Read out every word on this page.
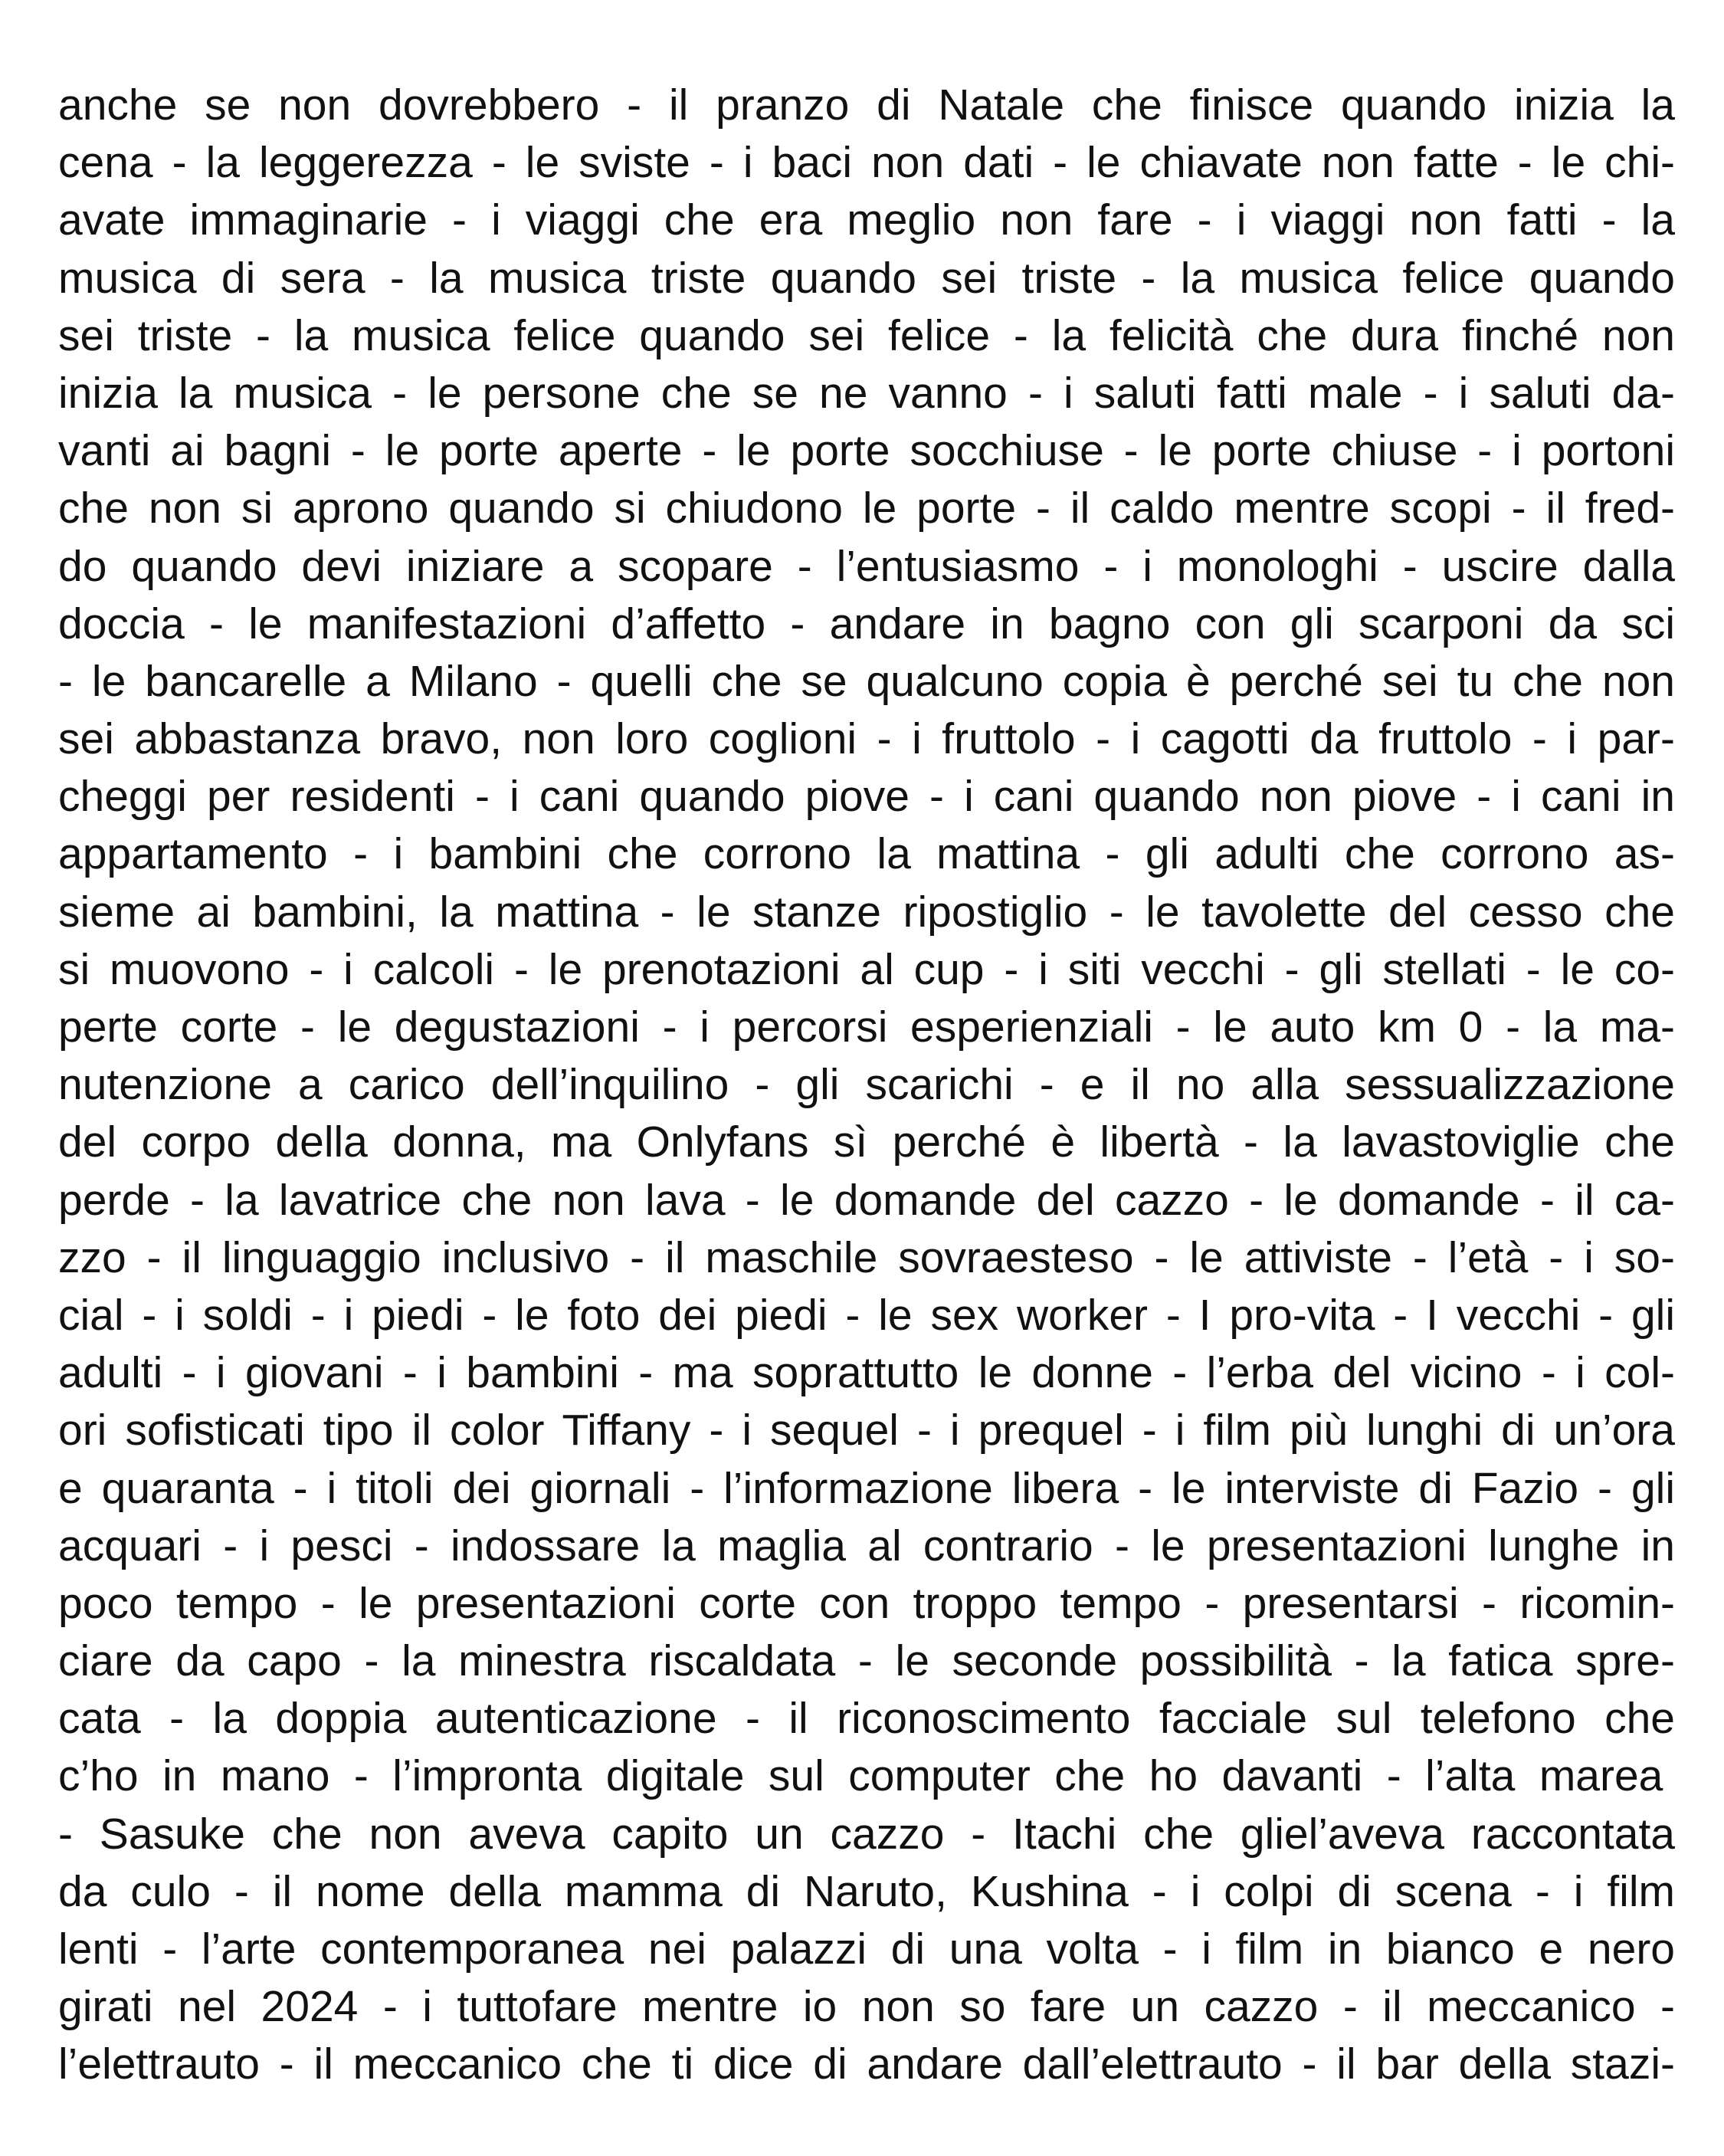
anche se non dovrebbero - il pranzo di Natale che finisce quando inizia la
cena - la leggerezza - le sviste - i baci non dati - le chiavate non fatte - le chi-
avate immaginarie - i viaggi che era meglio non fare - i viaggi non fatti - la
musica di sera - la musica triste quando sei triste - la musica felice quando
sei triste - la musica felice quando sei felice - la felicità che dura finché non
inizia la musica - le persone che se ne vanno - i saluti fatti male - i saluti da-
vanti ai bagni - le porte aperte - le porte socchiuse - le porte chiuse - i portoni
che non si aprono quando si chiudono le porte - il caldo mentre scopi - il fred-
do quando devi iniziare a scopare - l’entusiasmo - i monologhi - uscire dalla
doccia - le manifestazioni d’affetto - andare in bagno con gli scarponi da sci
- le bancarelle a Milano - quelli che se qualcuno copia è perché sei tu che non
sei abbastanza bravo, non loro coglioni - i fruttolo - i cagotti da fruttolo - i par-
cheggi per residenti - i cani quando piove - i cani quando non piove - i cani in
appartamento - i bambini che corrono la mattina - gli adulti che corrono as-
sieme ai bambini, la mattina - le stanze ripostiglio - le tavolette del cesso che
si muovono - i calcoli - le prenotazioni al cup - i siti vecchi - gli stellati - le co-
perte corte - le degustazioni - i percorsi esperienziali - le auto km 0 - la ma-
nutenzione a carico dell’inquilino - gli scarichi - e il no alla sessualizzazione
del corpo della donna, ma Onlyfans sì perché è libertà - la lavastoviglie che
perde - la lavatrice che non lava - le domande del cazzo - le domande - il ca-
zzo - il linguaggio inclusivo - il maschile sovraesteso - le attiviste - l’età - i so-
cial - i soldi - i piedi - le foto dei piedi - le sex worker - I pro-vita - I vecchi - gli
adulti - i giovani - i bambini - ma soprattutto le donne - l’erba del vicino - i col-
ori sofisticati tipo il color Tiffany - i sequel - i prequel - i film più lunghi di un’ora
e quaranta - i titoli dei giornali - l’informazione libera - le interviste di Fazio - gli
acquari - i pesci - indossare la maglia al contrario - le presentazioni lunghe in
poco tempo - le presentazioni corte con troppo tempo - presentarsi - ricomin-
ciare da capo - la minestra riscaldata - le seconde possibilità - la fatica spre-
cata - la doppia autenticazione - il riconoscimento facciale sul telefono che
c’ho in mano - l’impronta digitale sul computer che ho davanti - l’alta marea
- Sasuke che non aveva capito un cazzo - Itachi che gliel’aveva raccontata
da culo - il nome della mamma di Naruto, Kushina - i colpi di scena - i film
lenti - l’arte contemporanea nei palazzi di una volta - i film in bianco e nero
girati nel 2024 - i tuttofare mentre io non so fare un cazzo - il meccanico -
l’elettrauto - il meccanico che ti dice di andare dall’elettrauto - il bar della stazi-
